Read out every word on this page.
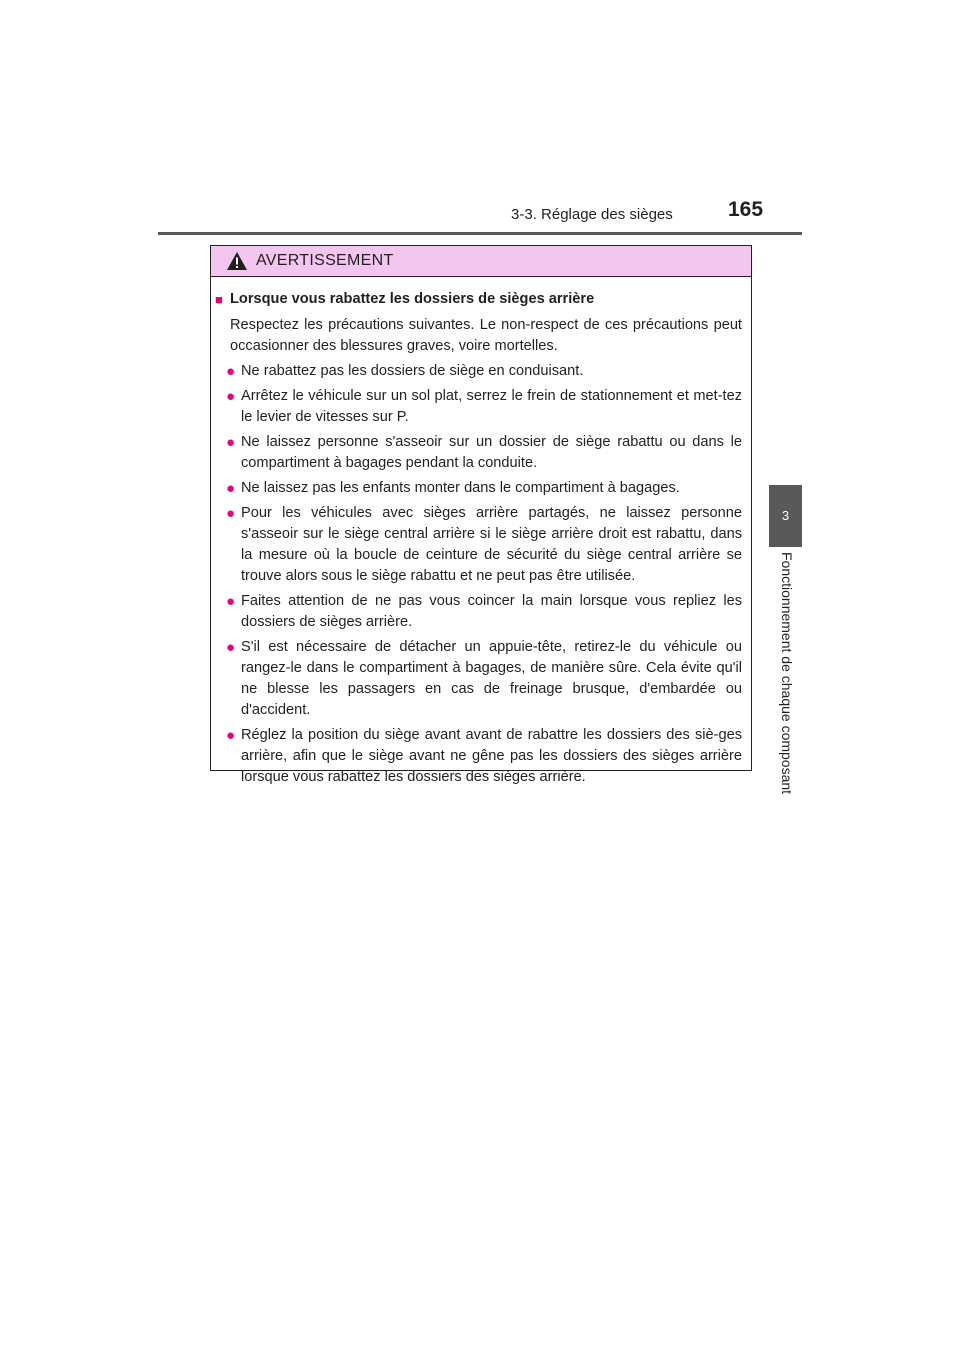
3-3. Réglage des sièges	165
3
Fonctionnement de chaque composant
AVERTISSEMENT
■ Lorsque vous rabattez les dossiers de sièges arrière
Respectez les précautions suivantes. Le non-respect de ces précautions peut occasionner des blessures graves, voire mortelles.
● Ne rabattez pas les dossiers de siège en conduisant.
● Arrêtez le véhicule sur un sol plat, serrez le frein de stationnement et met-tez le levier de vitesses sur P.
● Ne laissez personne s'asseoir sur un dossier de siège rabattu ou dans le compartiment à bagages pendant la conduite.
● Ne laissez pas les enfants monter dans le compartiment à bagages.
● Pour les véhicules avec sièges arrière partagés, ne laissez personne s'asseoir sur le siège central arrière si le siège arrière droit est rabattu, dans la mesure où la boucle de ceinture de sécurité du siège central arrière se trouve alors sous le siège rabattu et ne peut pas être utilisée.
● Faites attention de ne pas vous coincer la main lorsque vous repliez les dossiers de sièges arrière.
● S'il est nécessaire de détacher un appuie-tête, retirez-le du véhicule ou rangez-le dans le compartiment à bagages, de manière sûre. Cela évite qu'il ne blesse les passagers en cas de freinage brusque, d'embardée ou d'accident.
● Réglez la position du siège avant avant de rabattre les dossiers des siè-ges arrière, afin que le siège avant ne gêne pas les dossiers des sièges arrière lorsque vous rabattez les dossiers des sièges arrière.
